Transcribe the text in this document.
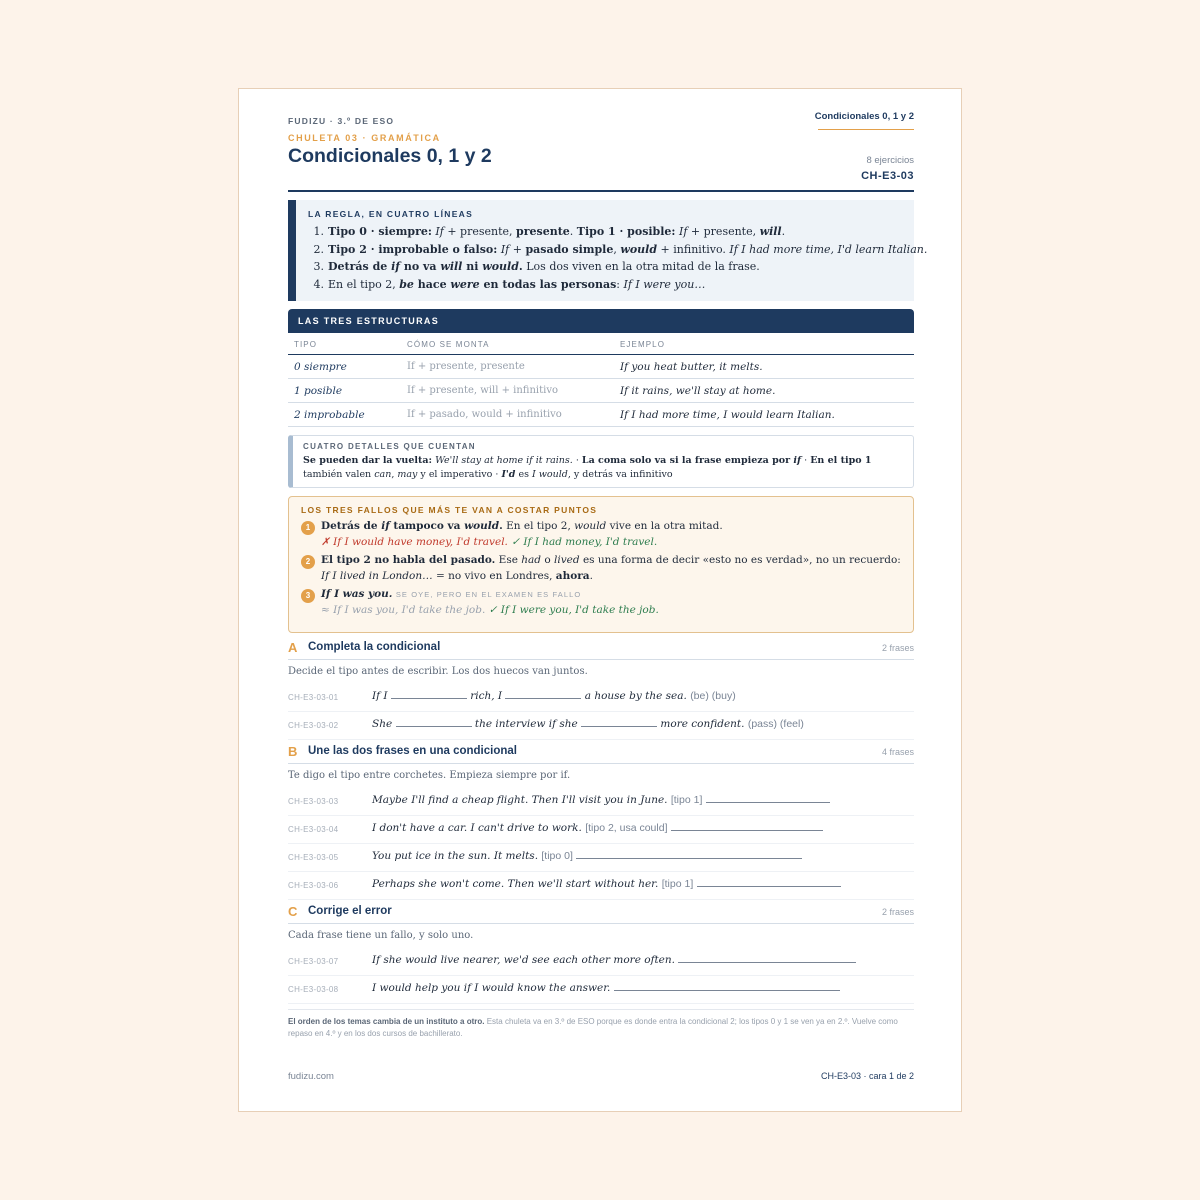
FUDIZU · 3.º DE ESO	Condicionales 0, 1 y 2
CHULETA 03 · GRAMÁTICA
Condicionales 0, 1 y 2	8 ejercicios
CH-E3-03
LA REGLA, EN CUATRO LÍNEAS
1. Tipo 0 · siempre: If + presente, presente. Tipo 1 · posible: If + presente, will.
2. Tipo 2 · improbable o falso: If + pasado simple, would + infinitivo. If I had more time, I'd learn Italian.
3. Detrás de if no va will ni would. Los dos viven en la otra mitad de la frase.
4. En el tipo 2, be hace were en todas las personas: If I were you…
LAS TRES ESTRUCTURAS
TIPO	CÓMO SE MONTA	EJEMPLO
0 siempre	If + presente, presente	If you heat butter, it melts.
1 posible	If + presente, will + infinitivo	If it rains, we'll stay at home.
2 improbable	If + pasado, would + infinitivo	If I had more time, I would learn Italian.
CUATRO DETALLES QUE CUENTAN

Se pueden dar la vuelta: We'll stay at home if it rains. · La coma solo va si la frase empieza por if · En el tipo 1 también valen can, may y el imperativo · I'd es I would, y detrás va infinitivo

LOS TRES FALLOS QUE MÁS TE VAN A COSTAR PUNTOS
1	Detrás de if tampoco va would. En el tipo 2, would vive en la otra mitad.

✗ If I would have money, I'd travel. ✓ If I had money, I'd travel.

2	El tipo 2 no habla del pasado. Ese had o lived es una forma de decir «esto no es verdad», no un recuerdo:

If I lived in London… = no vivo en Londres, ahora.

3	If I was you. SE OYE, PERO EN EL EXAMEN ES FALLO

≈ If I was you, I'd take the job. ✓ If I were you, I'd take the job.

A Completa la condicional	2 frases
Decide el tipo antes de escribir. Los dos huecos van juntos.
CH-E3-03-01	If I	rich, I	a house by the sea. (be) (buy)
CH-E3-03-02	She	the interview if she	more confident. (pass) (feel)
B Une las dos frases en una condicional	4 frases
Te digo el tipo entre corchetes. Empieza siempre por if.
CH-E3-03-03	Maybe I'll find a cheap flight. Then I'll visit you in June. [tipo 1]
CH-E3-03-04	I don't have a car. I can't drive to work. [tipo 2, usa could]
CH-E3-03-05	You put ice in the sun. It melts. [tipo 0]
CH-E3-03-06	Perhaps she won't come. Then we'll start without her. [tipo 1]
C Corrige el error	2 frases
Cada frase tiene un fallo, y solo uno.
CH-E3-03-07	If she would live nearer, we'd see each other more often.
CH-E3-03-08	I would help you if I would know the answer.
El orden de los temas cambia de un instituto a otro. Esta chuleta va en 3.º de ESO porque es donde entra la condicional 2; los tipos 0 y 1 se ven ya en 2.º. Vuelve como repaso en 4.º y en los dos cursos de bachillerato.
fudizu.com	CH-E3-03 · cara 1 de 2
